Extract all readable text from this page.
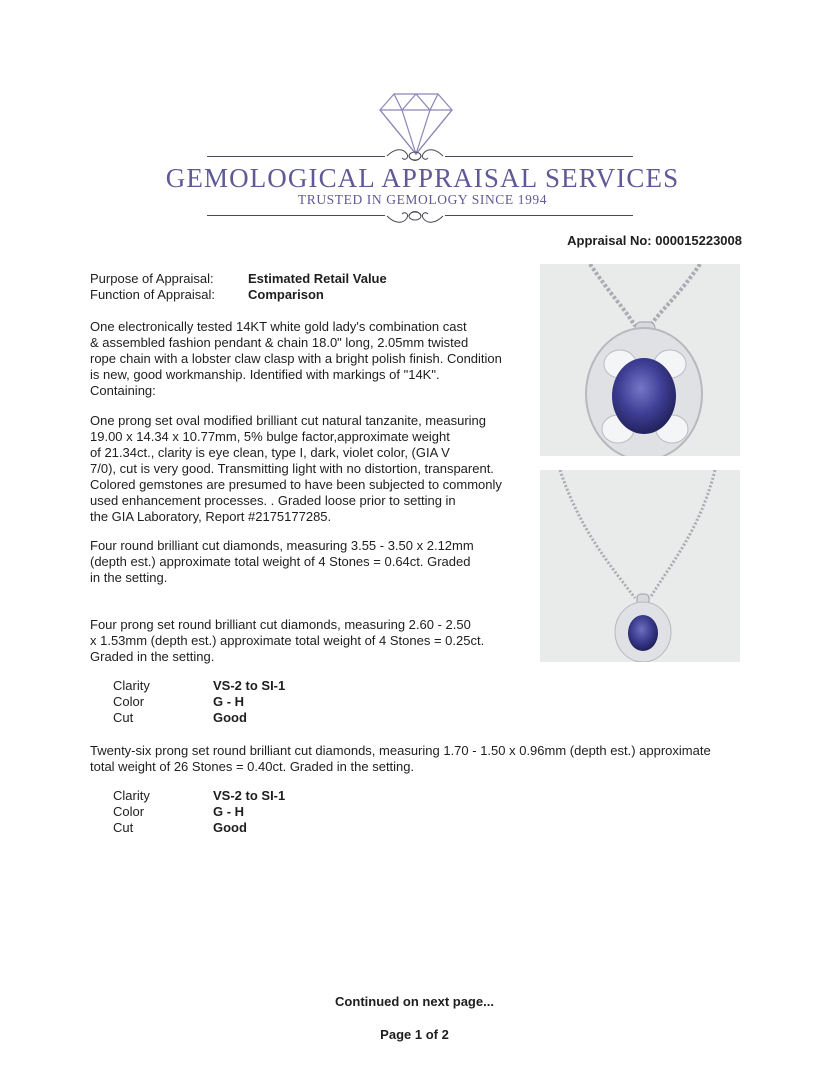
GEMOLOGICAL APPRAISAL SERVICES
TRUSTED IN GEMOLOGY SINCE 1994
Appraisal No: 000015223008
Purpose of Appraisal:	Estimated Retail Value
Function of Appraisal:	Comparison
One electronically tested 14KT white gold lady's combination cast
& assembled fashion pendant & chain 18.0" long, 2.05mm twisted
rope chain with a lobster claw clasp with a bright polish finish. Condition
is new, good workmanship. Identified with markings of "14K".
Containing:
One prong set oval modified brilliant cut natural tanzanite, measuring
19.00 x 14.34 x 10.77mm, 5% bulge factor,approximate weight
of 21.34ct., clarity is eye clean, type I, dark, violet color, (GIA V
7/0), cut is very good. Transmitting light with no distortion, transparent.
Colored gemstones are presumed to have been subjected to commonly
used enhancement processes. . Graded loose prior to setting in
the GIA Laboratory, Report #2175177285.
Four round brilliant cut diamonds, measuring 3.55 - 3.50 x 2.12mm
(depth est.) approximate total weight of 4 Stones = 0.64ct. Graded
in the setting.
Four prong set round brilliant cut diamonds, measuring 2.60 - 2.50
x 1.53mm (depth est.) approximate total weight of 4 Stones = 0.25ct.
Graded in the setting.
Clarity
Color
Cut
VS-2 to SI-1
G - H
Good
Twenty-six prong set round brilliant cut diamonds, measuring 1.70 - 1.50 x 0.96mm (depth est.) approximate
total weight of 26 Stones = 0.40ct. Graded in the setting.
Clarity
Color
Cut
VS-2 to SI-1
G - H
Good
Continued on next page...
Page 1 of 2
